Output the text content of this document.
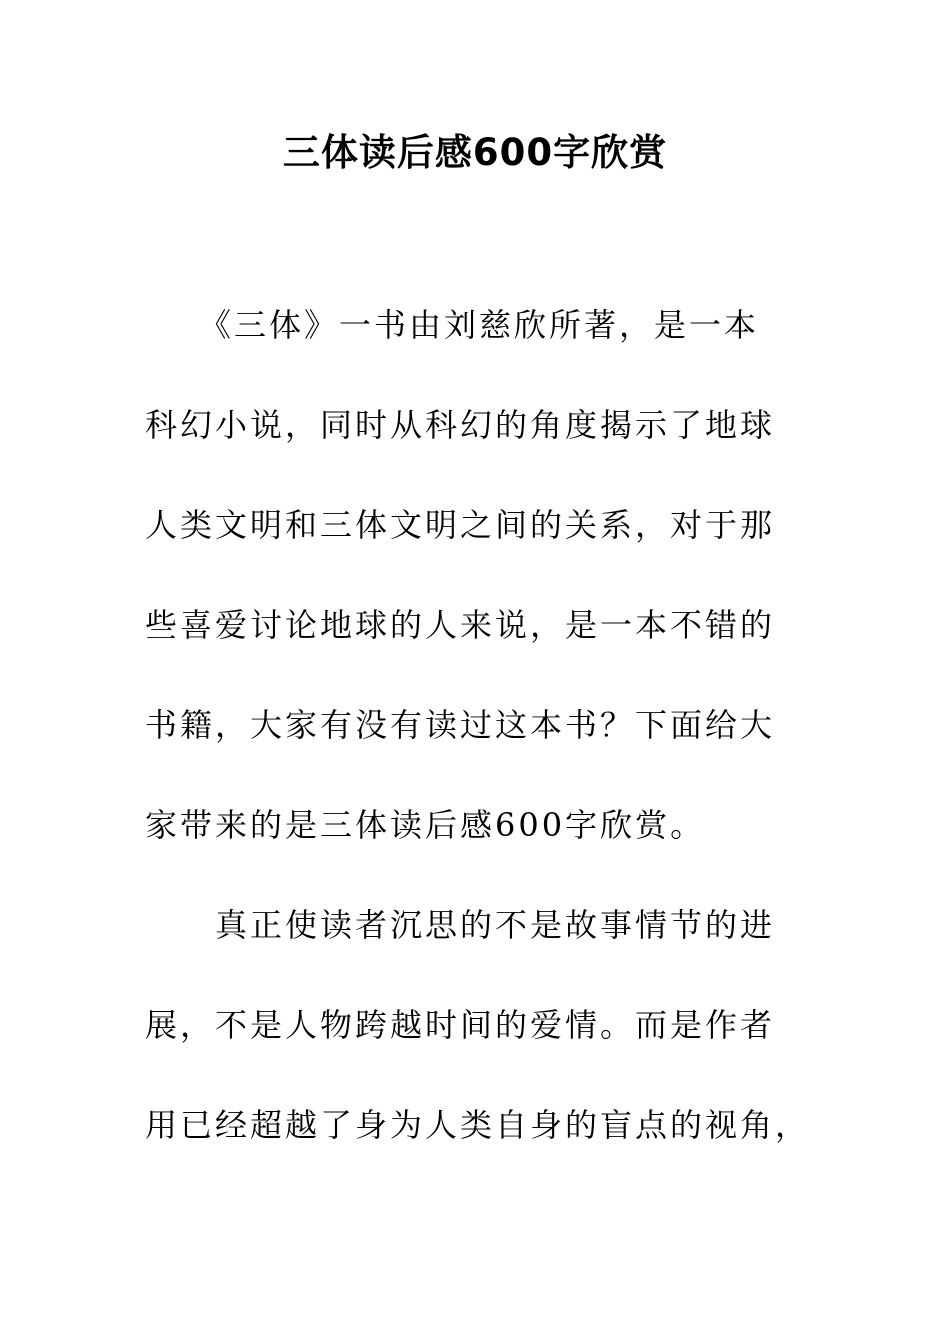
三体读后感600字欣赏
　　《三体》一书由刘慈欣所著，是一本
科幻小说，同时从科幻的角度揭示了地球
人类文明和三体文明之间的关系，对于那
些喜爱讨论地球的人来说，是一本不错的
书籍，大家有没有读过这本书？下面给大
家带来的是三体读后感600字欣赏。
　　真正使读者沉思的不是故事情节的进
展，不是人物跨越时间的爱情。而是作者
用已经超越了身为人类自身的盲点的视角，
